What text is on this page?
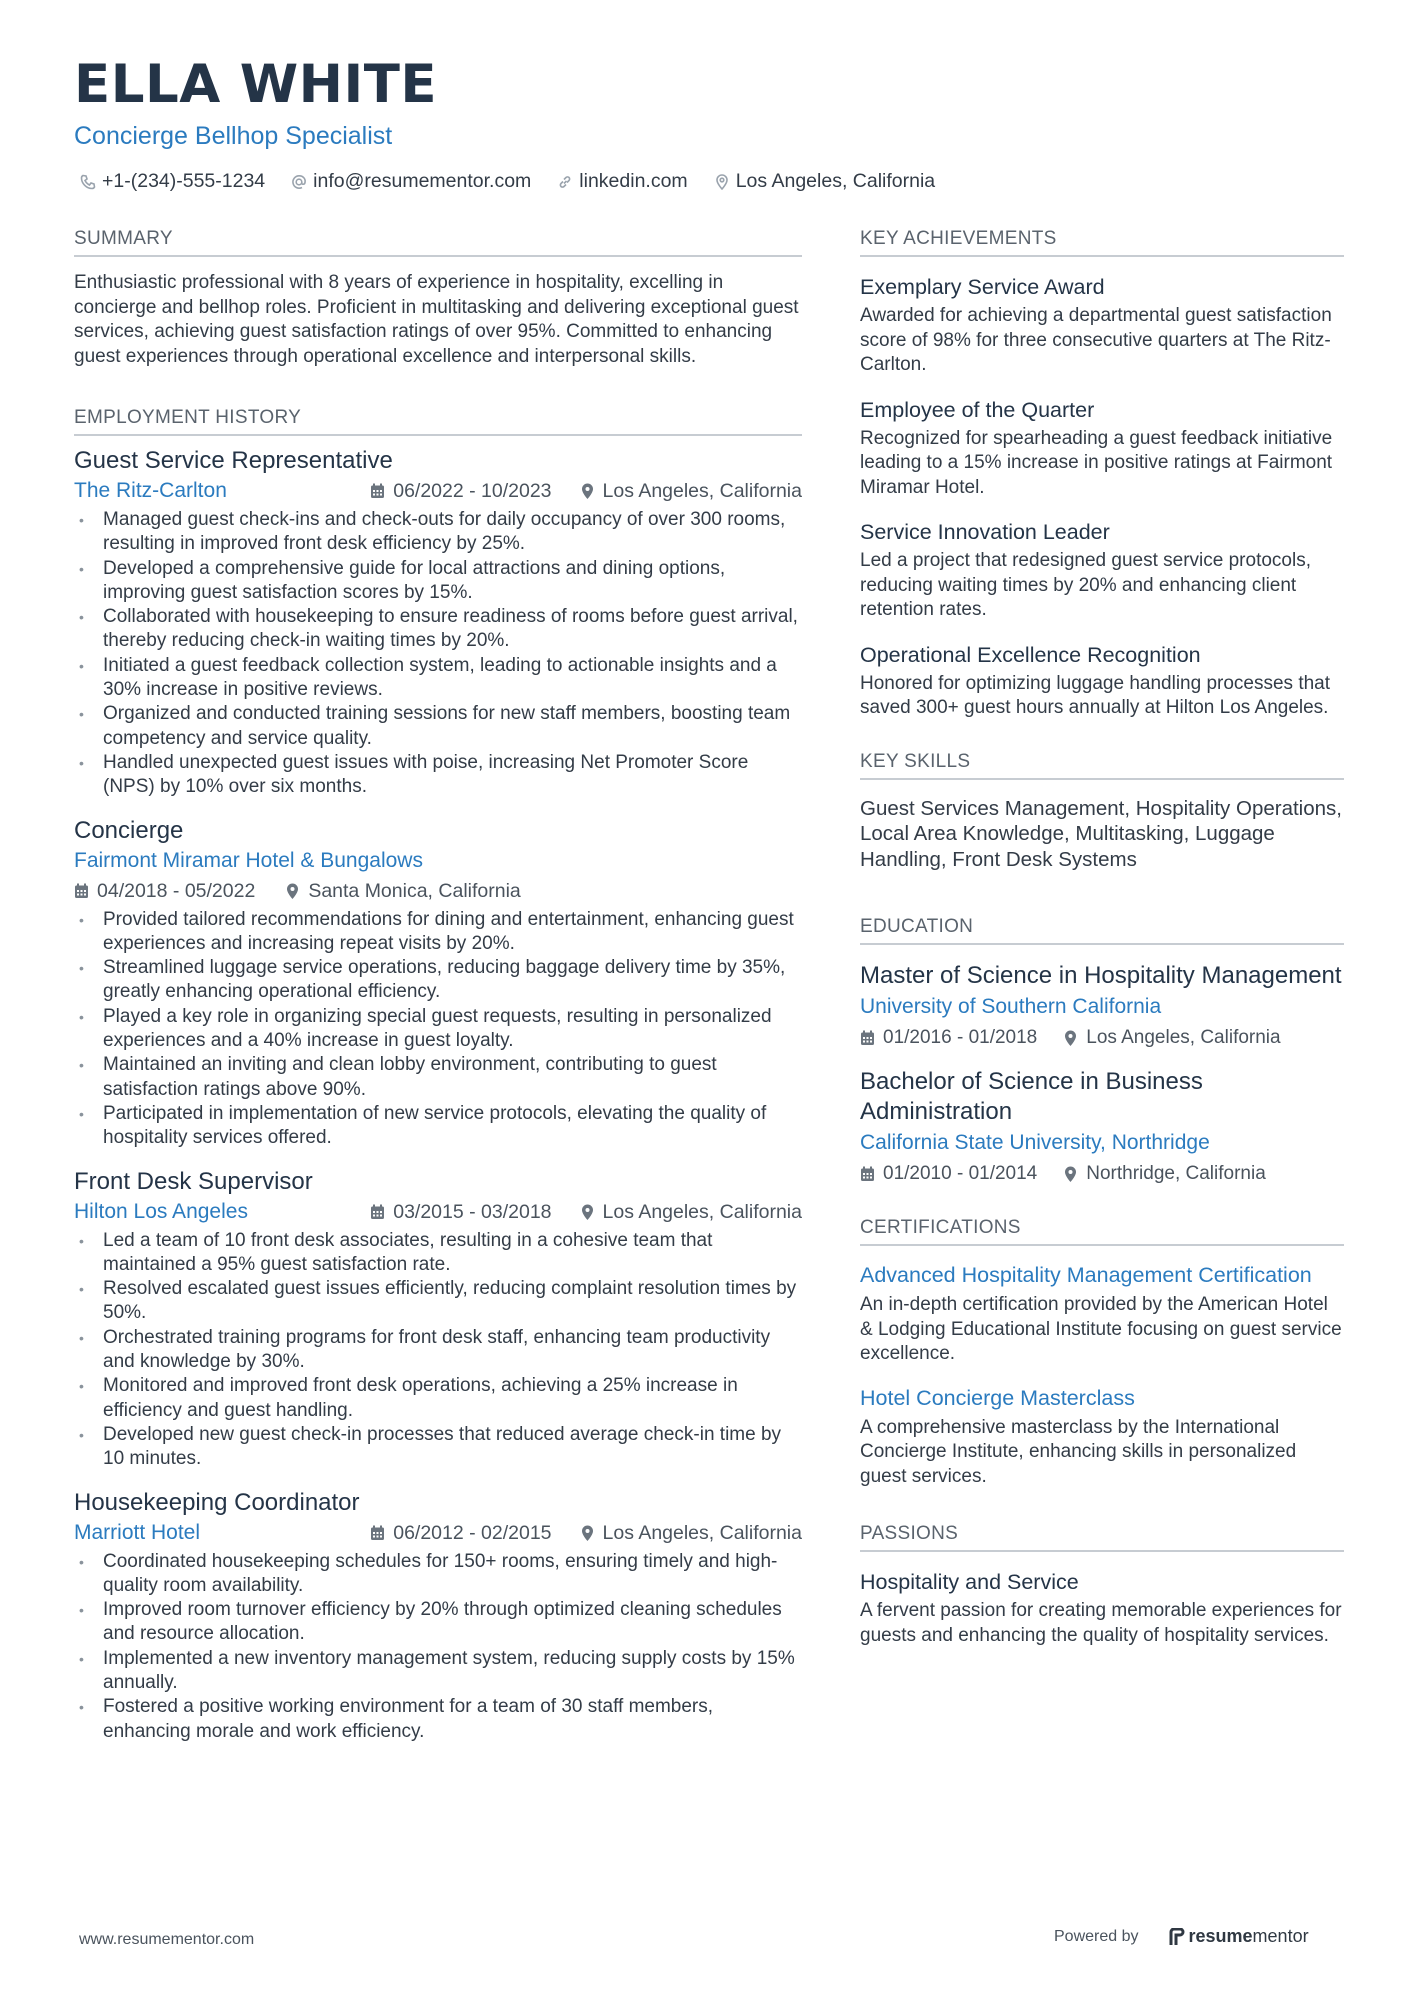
ELLA WHITE
Concierge Bellhop Specialist
+1-(234)-555-1234 info@resumementor.com linkedin.com Los Angeles, California
SUMMARY

Enthusiastic professional with 8 years of experience in hospitality, excelling in concierge and bellhop roles. Proficient in multitasking and delivering exceptional guest services, achieving guest satisfaction ratings of over 95%. Committed to enhancing guest experiences through operational excellence and interpersonal skills.

EMPLOYMENT HISTORY
Guest Service Representative
The Ritz-Carlton	06/2022 - 10/2023	Los Angeles, California
• Managed guest check-ins and check-outs for daily occupancy of over 300 rooms, resulting in improved front desk efficiency by 25%.
• Developed a comprehensive guide for local attractions and dining options, improving guest satisfaction scores by 15%.
• Collaborated with housekeeping to ensure readiness of rooms before guest arrival, thereby reducing check-in waiting times by 20%.
• Initiated a guest feedback collection system, leading to actionable insights and a 30% increase in positive reviews.
• Organized and conducted training sessions for new staff members, boosting team competency and service quality.
• Handled unexpected guest issues with poise, increasing Net Promoter Score (NPS) by 10% over six months.
Concierge
Fairmont Miramar Hotel & Bungalows
04/2018 - 05/2022	Santa Monica, California
• Provided tailored recommendations for dining and entertainment, enhancing guest experiences and increasing repeat visits by 20%.
• Streamlined luggage service operations, reducing baggage delivery time by 35%, greatly enhancing operational efficiency.
• Played a key role in organizing special guest requests, resulting in personalized experiences and a 40% increase in guest loyalty.
• Maintained an inviting and clean lobby environment, contributing to guest satisfaction ratings above 90%.
• Participated in implementation of new service protocols, elevating the quality of hospitality services offered.
Front Desk Supervisor
Hilton Los Angeles	03/2015 - 03/2018	Los Angeles, California
• Led a team of 10 front desk associates, resulting in a cohesive team that maintained a 95% guest satisfaction rate.
• Resolved escalated guest issues efficiently, reducing complaint resolution times by 50%.
• Orchestrated training programs for front desk staff, enhancing team productivity and knowledge by 30%.
• Monitored and improved front desk operations, achieving a 25% increase in efficiency and guest handling.
• Developed new guest check-in processes that reduced average check-in time by 10 minutes.
Housekeeping Coordinator
Marriott Hotel	06/2012 - 02/2015	Los Angeles, California
• Coordinated housekeeping schedules for 150+ rooms, ensuring timely and high-quality room availability.
• Improved room turnover efficiency by 20% through optimized cleaning schedules and resource allocation.
• Implemented a new inventory management system, reducing supply costs by 15% annually.
• Fostered a positive working environment for a team of 30 staff members, enhancing morale and work efficiency.
KEY ACHIEVEMENTS
Exemplary Service Award

Awarded for achieving a departmental guest satisfaction score of 98% for three consecutive quarters at The Ritz-Carlton.

Employee of the Quarter

Recognized for spearheading a guest feedback initiative leading to a 15% increase in positive ratings at Fairmont Miramar Hotel.

Service Innovation Leader

Led a project that redesigned guest service protocols, reducing waiting times by 20% and enhancing client retention rates.

Operational Excellence Recognition

Honored for optimizing luggage handling processes that saved 300+ guest hours annually at Hilton Los Angeles.

KEY SKILLS

Guest Services Management, Hospitality Operations, Local Area Knowledge, Multitasking, Luggage Handling, Front Desk Systems

EDUCATION
Master of Science in Hospitality Management
University of Southern California
01/2016 - 01/2018	Los Angeles, California
Bachelor of Science in Business Administration
California State University, Northridge
01/2010 - 01/2014	Northridge, California
CERTIFICATIONS
Advanced Hospitality Management Certification

An in-depth certification provided by the American Hotel & Lodging Educational Institute focusing on guest service excellence.

Hotel Concierge Masterclass

A comprehensive masterclass by the International Concierge Institute, enhancing skills in personalized guest services.

PASSIONS
Hospitality and Service

A fervent passion for creating memorable experiences for guests and enhancing the quality of hospitality services.

www.resumementor.com	Powered by	resumementor
